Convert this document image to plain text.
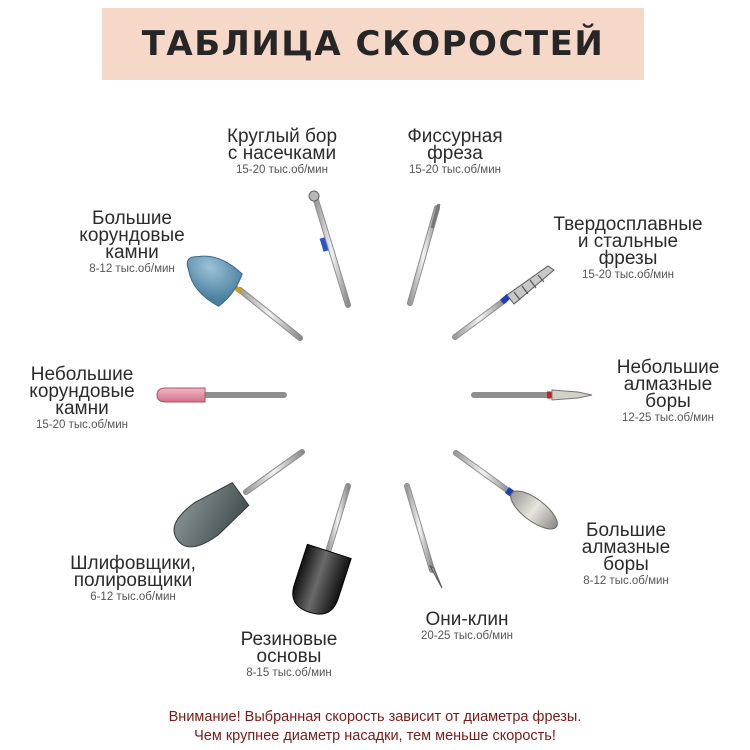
ТАБЛИЦА СКОРОСТЕЙ
Круглый бор
с насечками
15-20 тыс.об/мин
Фиссурная
фреза
15-20 тыс.об/мин
Твердосплавные
и стальные
фрезы
15-20 тыс.об/мин
Небольшие
алмазные
боры
12-25 тыс.об/мин
Большие
алмазные
боры
8-12 тыс.об/мин
Они-клин
20-25 тыс.об/мин
Резиновые
основы
8-15 тыс.об/мин
Шлифовщики,
полировщики
6-12 тыс.об/мин
Небольшие
корундовые
камни
15-20 тыс.об/мин
Большие
корундовые
камни
8-12 тыс.об/мин
Внимание! Выбранная скорость зависит от диаметра фрезы.
Чем крупнее диаметр насадки, тем меньше скорость!
